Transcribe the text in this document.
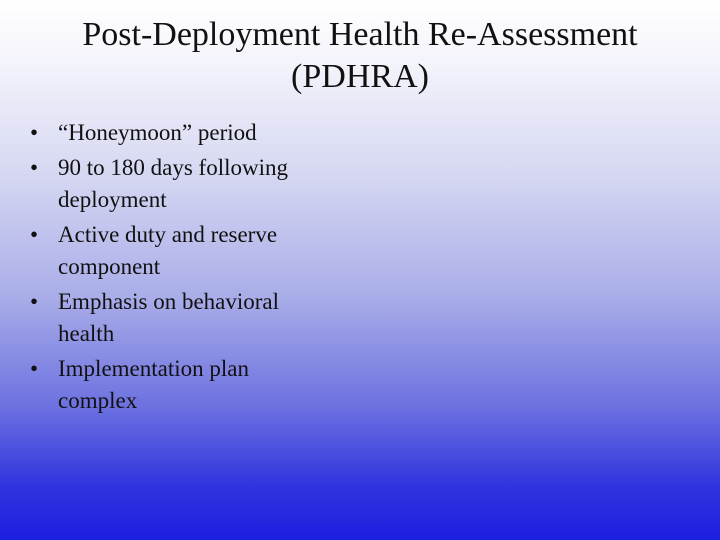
Post-Deployment Health Re-Assessment (PDHRA)
• “Honeymoon” period
• 90 to 180 days following deployment
• Active duty and reserve component
• Emphasis on behavioral health
• Implementation plan complex
